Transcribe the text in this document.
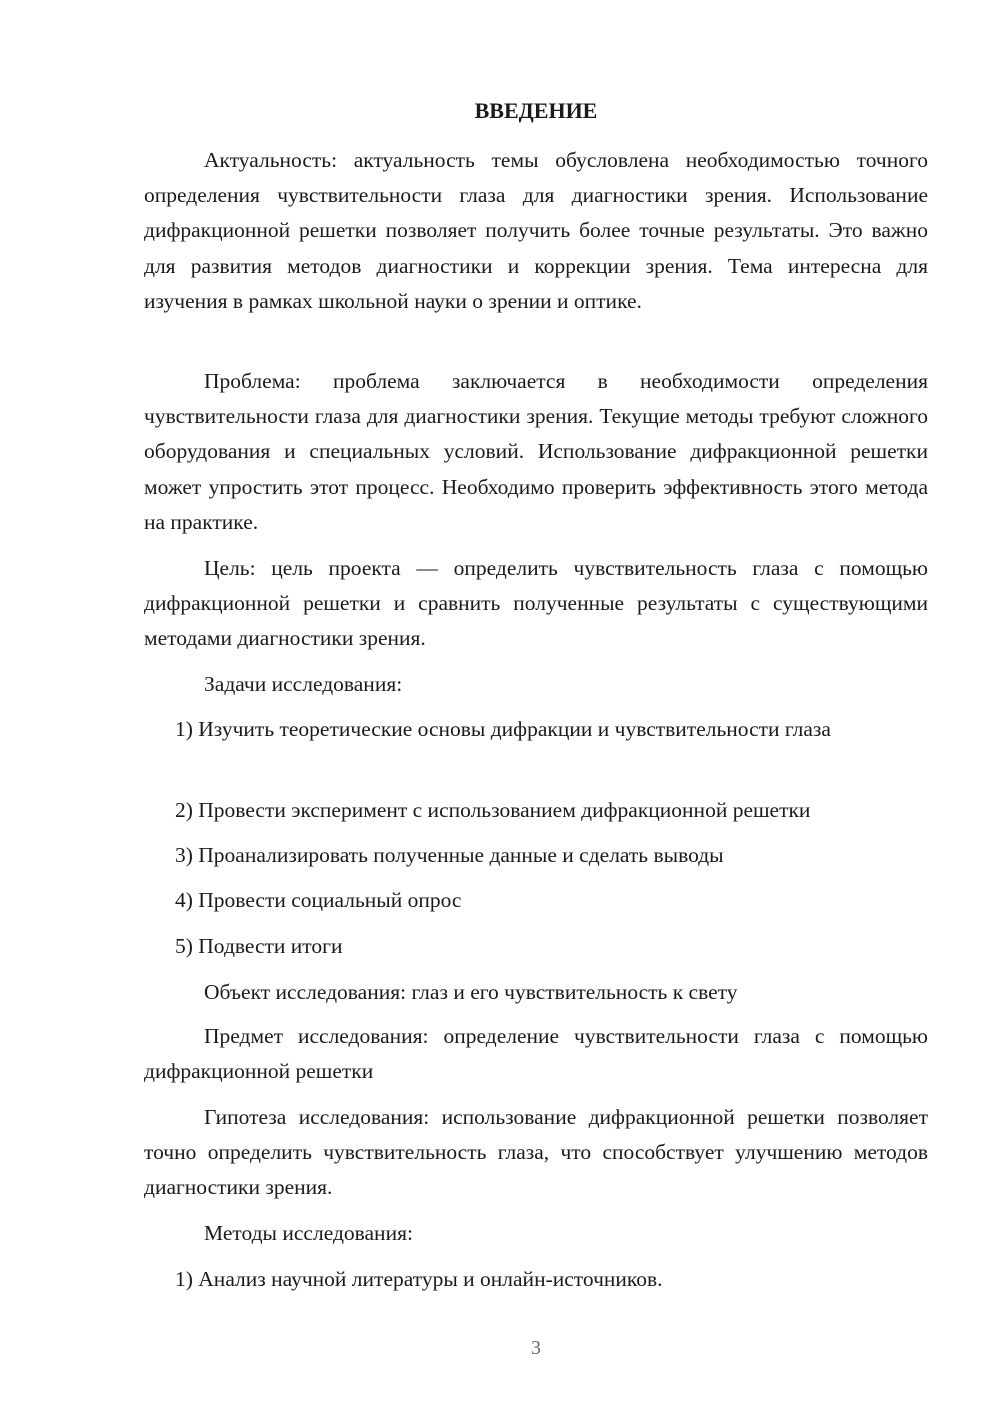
ВВЕДЕНИЕ

Актуальность: актуальность темы обусловлена необходимостью точного определения чувствительности глаза для диагностики зрения. Использование дифракционной решетки позволяет получить более точные результаты. Это важно для развития методов диагностики и коррекции зрения. Тема интересна для изучения в рамках школьной науки о зрении и оптике.

Проблема: проблема заключается в необходимости определения чувствительности глаза для диагностики зрения. Текущие методы требуют сложного оборудования и специальных условий. Использование дифракционной решетки может упростить этот процесс. Необходимо проверить эффективность этого метода на практике.

Цель: цель проекта — определить чувствительность глаза с помощью дифракционной решетки и сравнить полученные результаты с существующими методами диагностики зрения.

Задачи исследования:

1) Изучить теоретические основы дифракции и чувствительности глаза

2) Провести эксперимент с использованием дифракционной решетки

3) Проанализировать полученные данные и сделать выводы

4) Провести социальный опрос

5) Подвести итоги

Объект исследования: глаз и его чувствительность к свету

Предмет исследования: определение чувствительности глаза с помощью дифракционной решетки

Гипотеза исследования: использование дифракционной решетки позволяет точно определить чувствительность глаза, что способствует улучшению методов диагностики зрения.

Методы исследования:

1) Анализ научной литературы и онлайн-источников.

3
